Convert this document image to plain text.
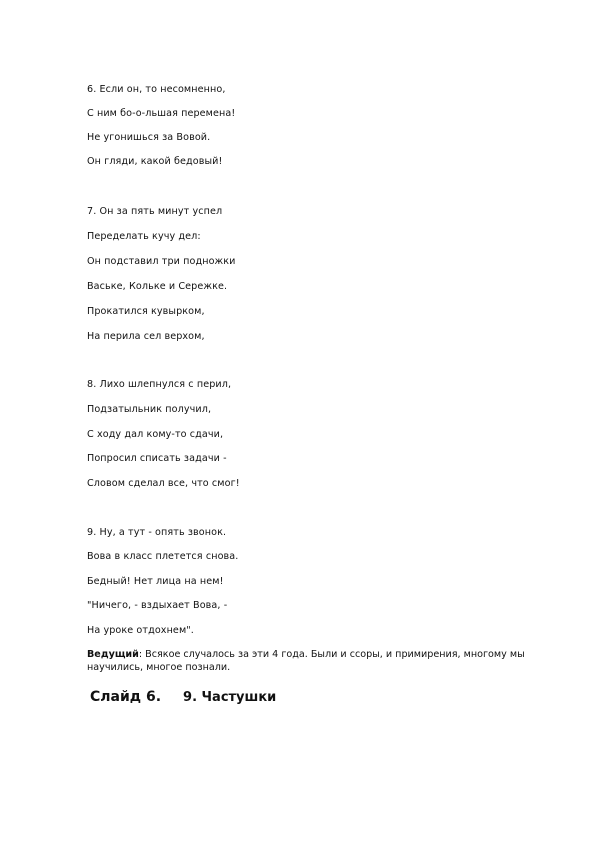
6. Если он, то несомненно,
С ним бо-о-льшая перемена!
Не угонишься за Вовой.
Он гляди, какой бедовый!
7. Он за пять минут успел
Переделать кучу дел:
Он подставил три подножки
Ваське, Кольке и Сережке.
Прокатился кувырком,
На перила сел верхом,
8. Лихо шлепнулся с перил,
Подзатыльник получил,
С ходу дал кому-то сдачи,
Попросил списать задачи -
Словом сделал все, что смог!
9. Ну, а тут - опять звонок.
Вова в класс плетется снова.
Бедный! Нет лица на нем!
"Ничего, - вздыхает Вова, -
На уроке отдохнем".
Ведущий: Всякое случалось за эти 4 года. Были и ссоры, и примирения, многому мы научились, многое познали.
Слайд 6. 9. Частушки
